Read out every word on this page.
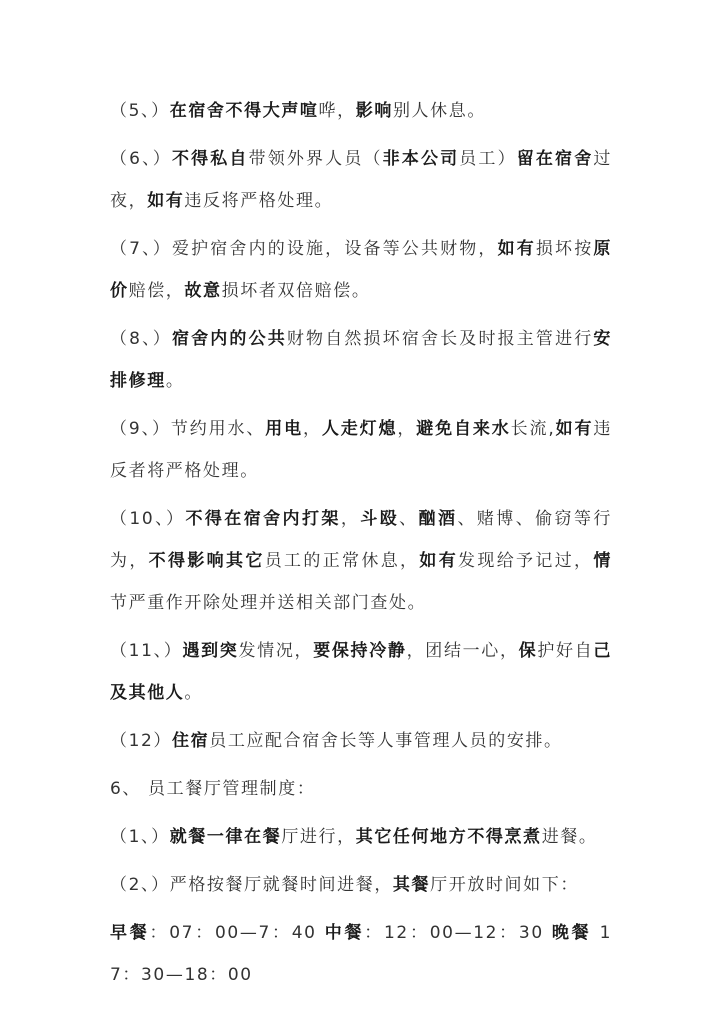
（5、）在宿舍不得大声喧哗，影响别人休息。

（6、）不得私自带领外界人员（非本公司员工）留在宿舍过夜，如有违反将严格处理。

（7、）爱护宿舍内的设施，设备等公共财物，如有损坏按原价赔偿，故意损坏者双倍赔偿。

（8、）宿舍内的公共财物自然损坏宿舍长及时报主管进行安排修理。

（9、）节约用水、用电，人走灯熄，避免自来水长流,如有违反者将严格处理。

（10、）不得在宿舍内打架，斗殴、酗酒、赌博、偷窃等行为，不得影响其它员工的正常休息，如有发现给予记过，情节严重作开除处理并送相关部门查处。

（11、）遇到突发情况，要保持冷静，团结一心，保护好自己及其他人。

（12）住宿员工应配合宿舍长等人事管理人员的安排。

6、 员工餐厅管理制度：

（1、）就餐一律在餐厅进行，其它任何地方不得烹煮进餐。

（2、）严格按餐厅就餐时间进餐，其餐厅开放时间如下：

早餐：07：00—7：40 中餐：12：00—12：30 晚餐 17：30—18：00
